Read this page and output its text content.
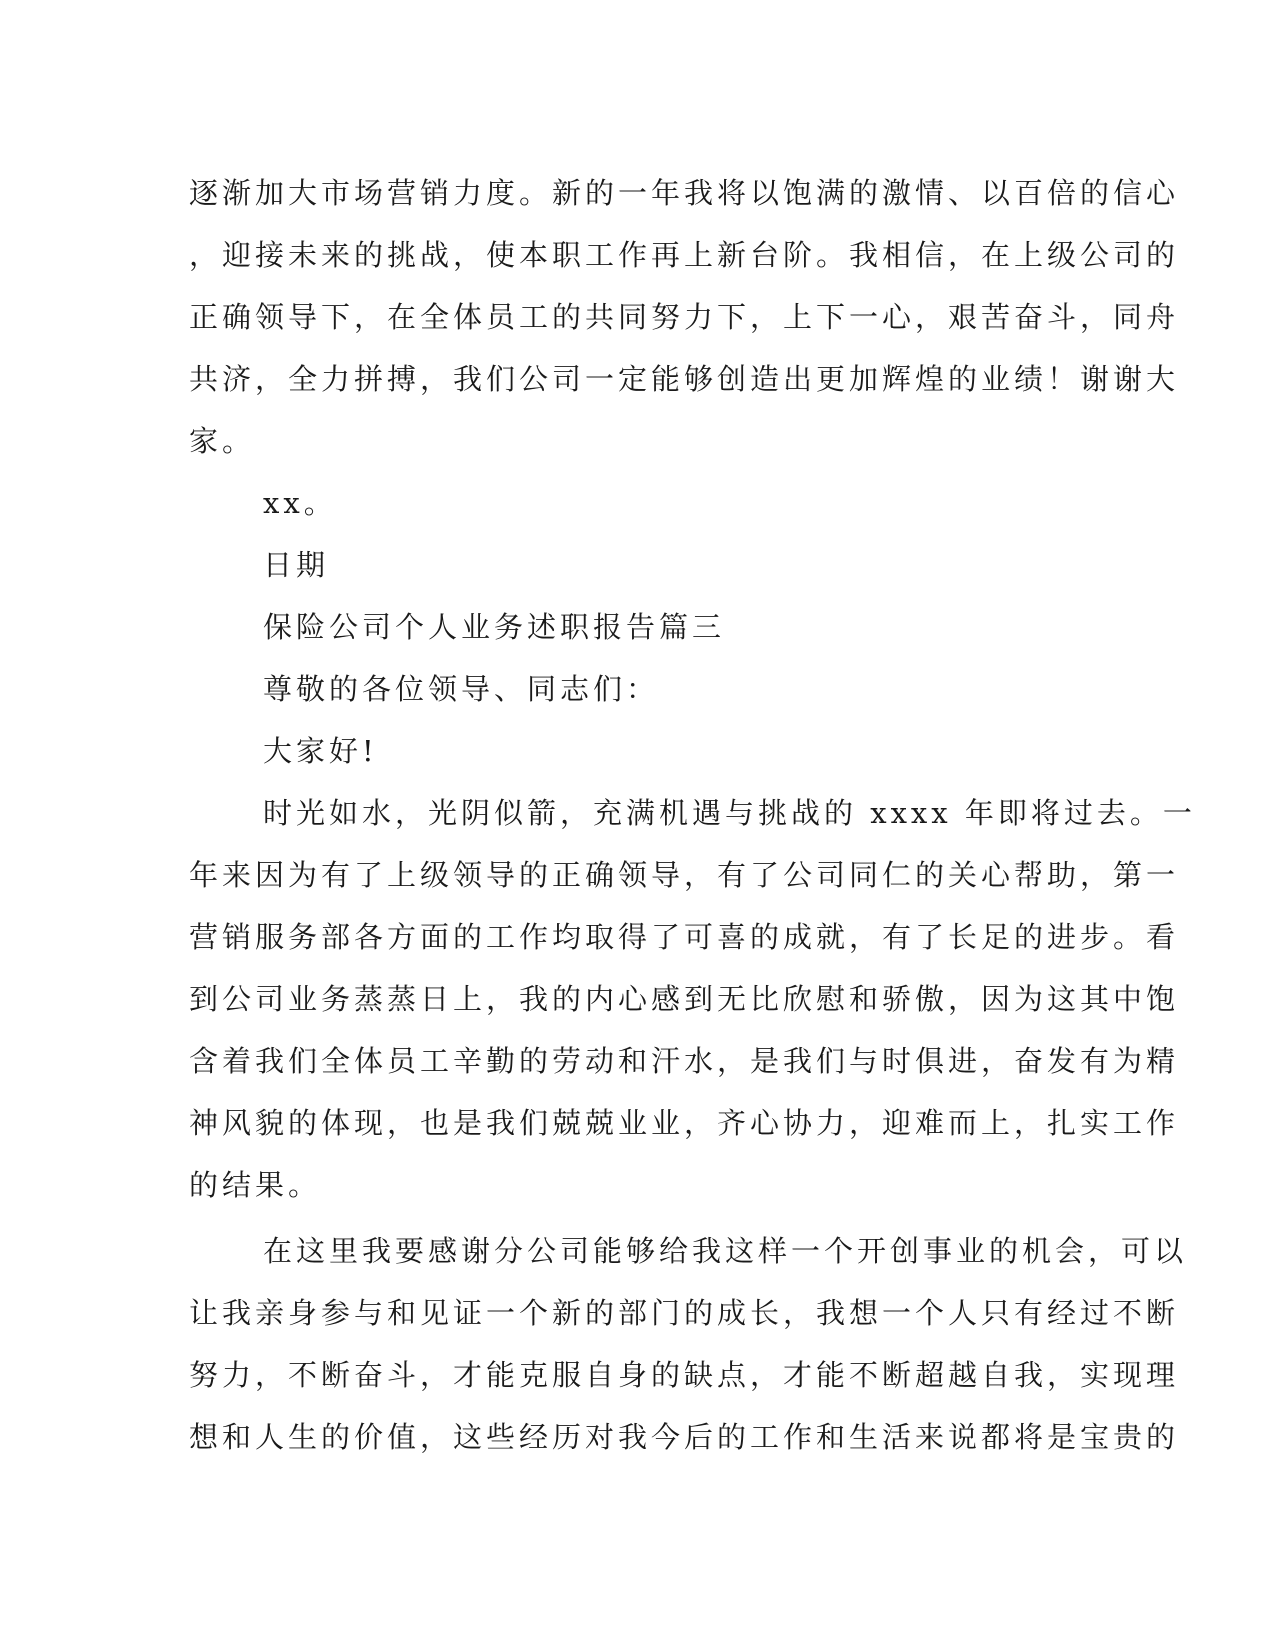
逐渐加大市场营销力度。新的一年我将以饱满的激情、以百倍的信心
，迎接未来的挑战，使本职工作再上新台阶。我相信，在上级公司的
正确领导下，在全体员工的共同努力下，上下一心，艰苦奋斗，同舟
共济，全力拼搏，我们公司一定能够创造出更加辉煌的业绩！谢谢大
家。
xx。
日期
保险公司个人业务述职报告篇三
尊敬的各位领导、同志们：
大家好!
时光如水，光阴似箭，充满机遇与挑战的 xxxx 年即将过去。一
年来因为有了上级领导的正确领导，有了公司同仁的关心帮助，第一
营销服务部各方面的工作均取得了可喜的成就，有了长足的进步。看
到公司业务蒸蒸日上，我的内心感到无比欣慰和骄傲，因为这其中饱
含着我们全体员工辛勤的劳动和汗水，是我们与时俱进，奋发有为精
神风貌的体现，也是我们兢兢业业，齐心协力，迎难而上，扎实工作
的结果。
在这里我要感谢分公司能够给我这样一个开创事业的机会，可以
让我亲身参与和见证一个新的部门的成长，我想一个人只有经过不断
努力，不断奋斗，才能克服自身的缺点，才能不断超越自我，实现理
想和人生的价值，这些经历对我今后的工作和生活来说都将是宝贵的
